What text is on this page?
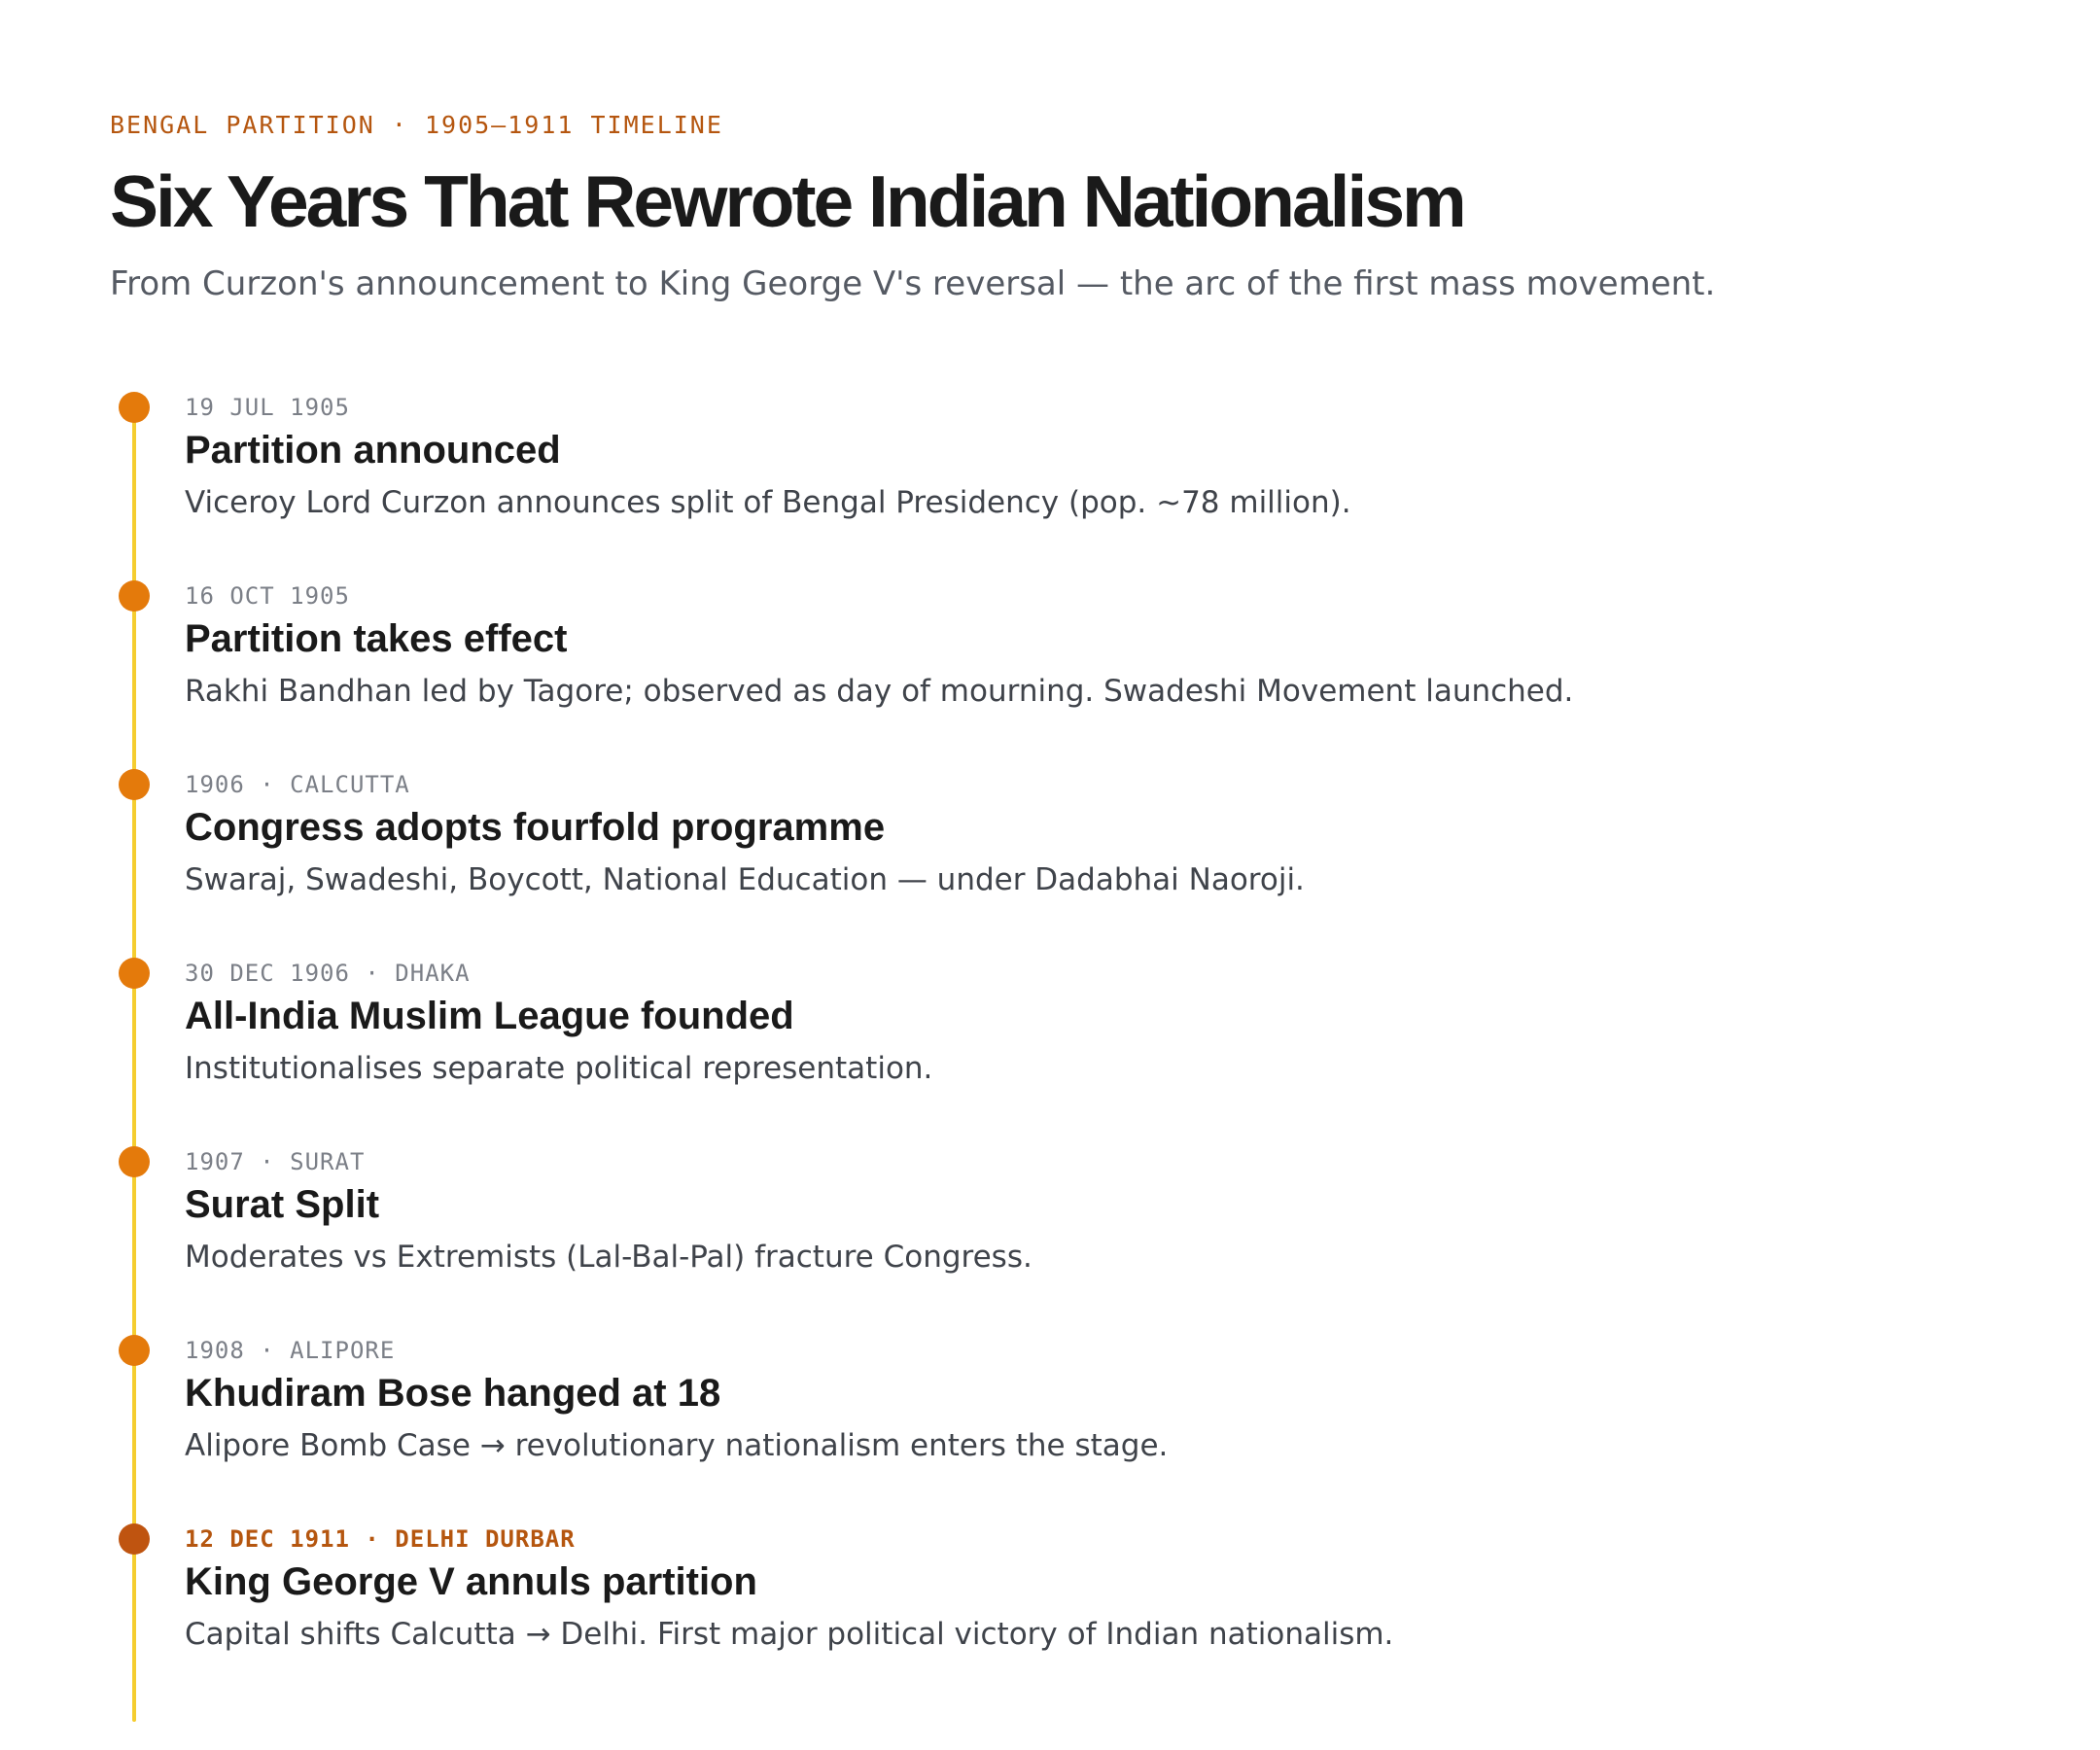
BENGAL PARTITION · 1905–1911 TIMELINE
Six Years That Rewrote Indian Nationalism
From Curzon's announcement to King George V's reversal — the arc of the first mass movement.
19 JUL 1905
Partition announced
Viceroy Lord Curzon announces split of Bengal Presidency (pop. ~78 million).
16 OCT 1905
Partition takes effect
Rakhi Bandhan led by Tagore; observed as day of mourning. Swadeshi Movement launched.
1906 · CALCUTTA
Congress adopts fourfold programme
Swaraj, Swadeshi, Boycott, National Education — under Dadabhai Naoroji.
30 DEC 1906 · DHAKA
All-India Muslim League founded
Institutionalises separate political representation.
1907 · SURAT
Surat Split
Moderates vs Extremists (Lal-Bal-Pal) fracture Congress.
1908 · ALIPORE
Khudiram Bose hanged at 18
Alipore Bomb Case → revolutionary nationalism enters the stage.
12 DEC 1911 · DELHI DURBAR
King George V annuls partition
Capital shifts Calcutta → Delhi. First major political victory of Indian nationalism.
